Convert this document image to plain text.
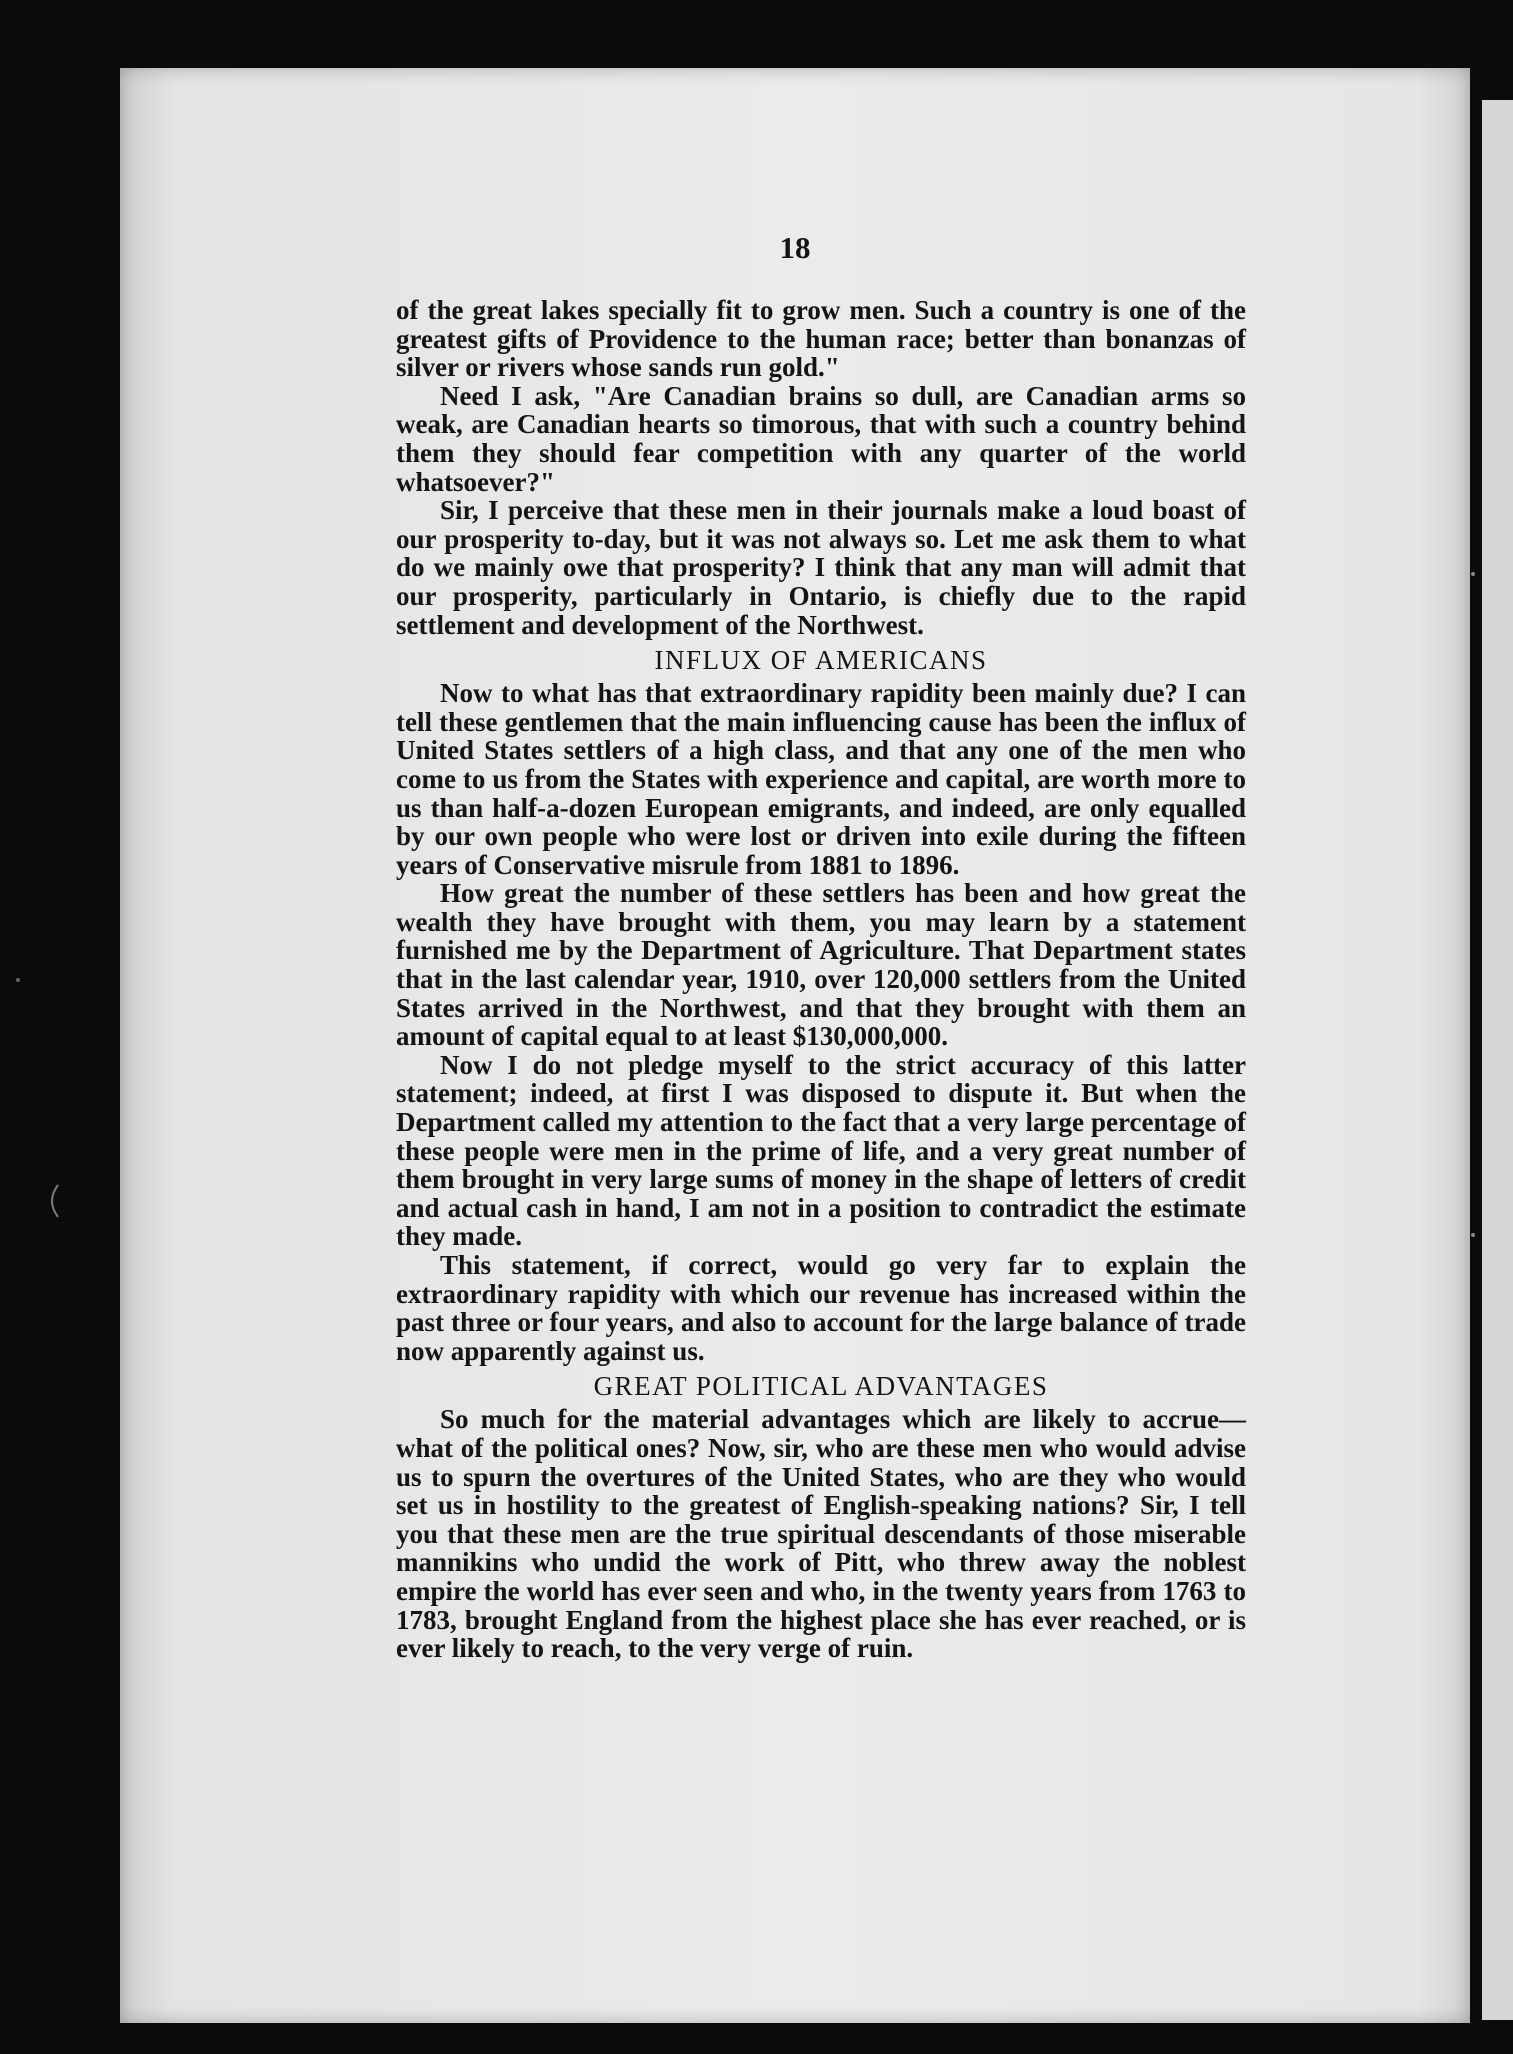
18

of the great lakes specially fit to grow men. Such a country is one of the greatest gifts of Providence to the human race; better than bonanzas of silver or rivers whose sands run gold."

Need I ask, "Are Canadian brains so dull, are Canadian arms so weak, are Canadian hearts so timorous, that with such a country behind them they should fear competition with any quarter of the world whatsoever?"

Sir, I perceive that these men in their journals make a loud boast of our prosperity to-day, but it was not always so. Let me ask them to what do we mainly owe that prosperity? I think that any man will admit that our prosperity, particularly in Ontario, is chiefly due to the rapid settlement and development of the Northwest.

INFLUX OF AMERICANS

Now to what has that extraordinary rapidity been mainly due? I can tell these gentlemen that the main influencing cause has been the influx of United States settlers of a high class, and that any one of the men who come to us from the States with experience and capital, are worth more to us than half-a-dozen European emigrants, and indeed, are only equalled by our own people who were lost or driven into exile during the fifteen years of Conservative misrule from 1881 to 1896.

How great the number of these settlers has been and how great the wealth they have brought with them, you may learn by a statement furnished me by the Department of Agriculture. That Department states that in the last calendar year, 1910, over 120,000 settlers from the United States arrived in the Northwest, and that they brought with them an amount of capital equal to at least $130,000,000.

Now I do not pledge myself to the strict accuracy of this latter statement; indeed, at first I was disposed to dispute it. But when the Department called my attention to the fact that a very large percentage of these people were men in the prime of life, and a very great number of them brought in very large sums of money in the shape of letters of credit and actual cash in hand, I am not in a position to contradict the estimate they made.

This statement, if correct, would go very far to explain the extraordinary rapidity with which our revenue has increased within the past three or four years, and also to account for the large balance of trade now apparently against us.

GREAT POLITICAL ADVANTAGES

So much for the material advantages which are likely to accrue—what of the political ones? Now, sir, who are these men who would advise us to spurn the overtures of the United States, who are they who would set us in hostility to the greatest of English-speaking nations? Sir, I tell you that these men are the true spiritual descendants of those miserable mannikins who undid the work of Pitt, who threw away the noblest empire the world has ever seen and who, in the twenty years from 1763 to 1783, brought England from the highest place she has ever reached, or is ever likely to reach, to the very verge of ruin.
